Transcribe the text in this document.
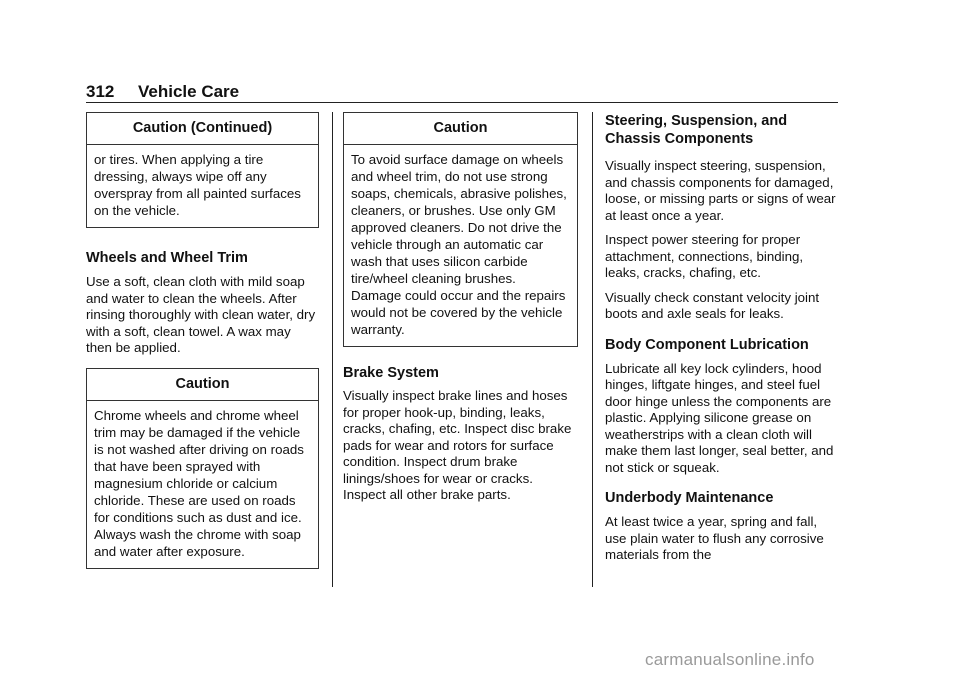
312 Vehicle Care
Caution (Continued)
or tires. When applying a tire dressing, always wipe off any overspray from all painted surfaces on the vehicle.
Wheels and Wheel Trim

Use a soft, clean cloth with mild soap and water to clean the wheels. After rinsing thoroughly with clean water, dry with a soft, clean towel. A wax may then be applied.

Caution
Chrome wheels and chrome wheel trim may be damaged if the vehicle is not washed after driving on roads that have been sprayed with magnesium chloride or calcium chloride. These are used on roads for conditions such as dust and ice. Always wash the chrome with soap and water after exposure.
Caution
To avoid surface damage on wheels and wheel trim, do not use strong soaps, chemicals, abrasive polishes, cleaners, or brushes. Use only GM approved cleaners. Do not drive the vehicle through an automatic car wash that uses silicon carbide tire/wheel cleaning brushes. Damage could occur and the repairs would not be covered by the vehicle warranty.
Brake System

Visually inspect brake lines and hoses for proper hook-up, binding, leaks, cracks, chafing, etc. Inspect disc brake pads for wear and rotors for surface condition. Inspect drum brake linings/shoes for wear or cracks. Inspect all other brake parts.

Steering, Suspension, and Chassis Components

Visually inspect steering, suspension, and chassis components for damaged, loose, or missing parts or signs of wear at least once a year.

Inspect power steering for proper attachment, connections, binding, leaks, cracks, chafing, etc.

Visually check constant velocity joint boots and axle seals for leaks.

Body Component Lubrication

Lubricate all key lock cylinders, hood hinges, liftgate hinges, and steel fuel door hinge unless the components are plastic. Applying silicone grease on weatherstrips with a clean cloth will make them last longer, seal better, and not stick or squeak.

Underbody Maintenance

At least twice a year, spring and fall, use plain water to flush any corrosive materials from the

carmanualsonline.info
